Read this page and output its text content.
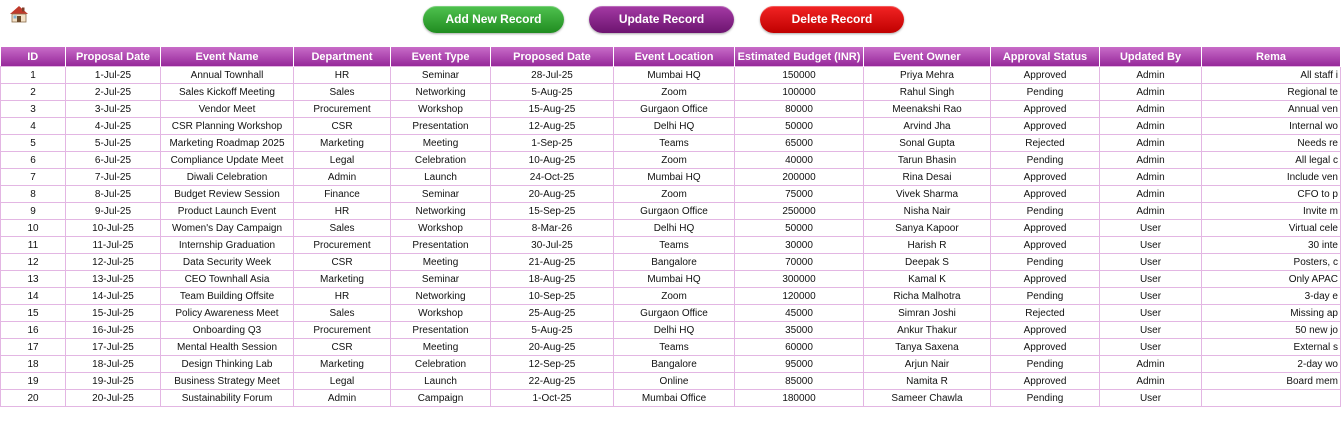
Add New Record	Update Record	Delete Record
ID	Proposal Date	Event Name	Department	Event Type	Proposed Date	Event Location	Estimated Budget (INR)	Event Owner	Approval Status	Updated By	Rema
1	1-Jul-25	Annual Townhall	HR	Seminar	28-Jul-25	Mumbai HQ	150000	Priya Mehra	Approved	Admin	All staff i
2	2-Jul-25	Sales Kickoff Meeting	Sales	Networking	5-Aug-25	Zoom	100000	Rahul Singh	Pending	Admin	Regional te
3	3-Jul-25	Vendor Meet	Procurement	Workshop	15-Aug-25	Gurgaon Office	80000	Meenakshi Rao	Approved	Admin	Annual ven
4	4-Jul-25	CSR Planning Workshop	CSR	Presentation	12-Aug-25	Delhi HQ	50000	Arvind Jha	Approved	Admin	Internal wo
5	5-Jul-25	Marketing Roadmap 2025	Marketing	Meeting	1-Sep-25	Teams	65000	Sonal Gupta	Rejected	Admin	Needs re
6	6-Jul-25	Compliance Update Meet	Legal	Celebration	10-Aug-25	Zoom	40000	Tarun Bhasin	Pending	Admin	All legal c
7	7-Jul-25	Diwali Celebration	Admin	Launch	24-Oct-25	Mumbai HQ	200000	Rina Desai	Approved	Admin	Include ven
8	8-Jul-25	Budget Review Session	Finance	Seminar	20-Aug-25	Zoom	75000	Vivek Sharma	Approved	Admin	CFO to p
9	9-Jul-25	Product Launch Event	HR	Networking	15-Sep-25	Gurgaon Office	250000	Nisha Nair	Pending	Admin	Invite m
10	10-Jul-25	Women's Day Campaign	Sales	Workshop	8-Mar-26	Delhi HQ	50000	Sanya Kapoor	Approved	User	Virtual cele
11	11-Jul-25	Internship Graduation	Procurement	Presentation	30-Jul-25	Teams	30000	Harish R	Approved	User	30 inte
12	12-Jul-25	Data Security Week	CSR	Meeting	21-Aug-25	Bangalore	70000	Deepak S	Pending	User	Posters, c
13	13-Jul-25	CEO Townhall Asia	Marketing	Seminar	18-Aug-25	Mumbai HQ	300000	Kamal K	Approved	User	Only APAC
14	14-Jul-25	Team Building Offsite	HR	Networking	10-Sep-25	Zoom	120000	Richa Malhotra	Pending	User	3-day e
15	15-Jul-25	Policy Awareness Meet	Sales	Workshop	25-Aug-25	Gurgaon Office	45000	Simran Joshi	Rejected	User	Missing ap
16	16-Jul-25	Onboarding Q3	Procurement	Presentation	5-Aug-25	Delhi HQ	35000	Ankur Thakur	Approved	User	50 new jo
17	17-Jul-25	Mental Health Session	CSR	Meeting	20-Aug-25	Teams	60000	Tanya Saxena	Approved	User	External s
18	18-Jul-25	Design Thinking Lab	Marketing	Celebration	12-Sep-25	Bangalore	95000	Arjun Nair	Pending	Admin	2-day wo
19	19-Jul-25	Business Strategy Meet	Legal	Launch	22-Aug-25	Online	85000	Namita R	Approved	Admin	Board mem
20	20-Jul-25	Sustainability Forum	Admin	Campaign	1-Oct-25	Mumbai Office	180000	Sameer Chawla	Pending	User	
